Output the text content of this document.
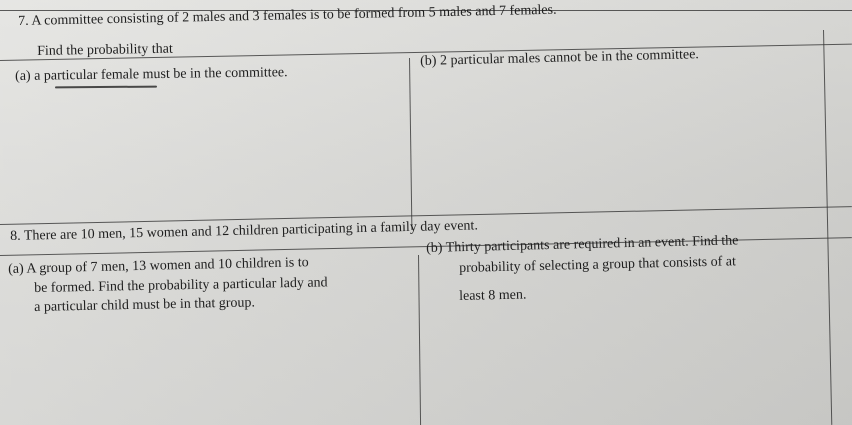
7. A committee consisting of 2 males and 3 females is to be formed from 5 males and 7 females.
Find the probability that
(a) a particular female must be in the committee.
(b) 2 particular males cannot be in the committee.
8. There are 10 men, 15 women and 12 children participating in a family day event.
(a) A group of 7 men, 13 women and 10 children is to
be formed. Find the probability a particular lady and
a particular child must be in that group.
(b) Thirty participants are required in an event. Find the
probability of selecting a group that consists of at
least 8 men.
